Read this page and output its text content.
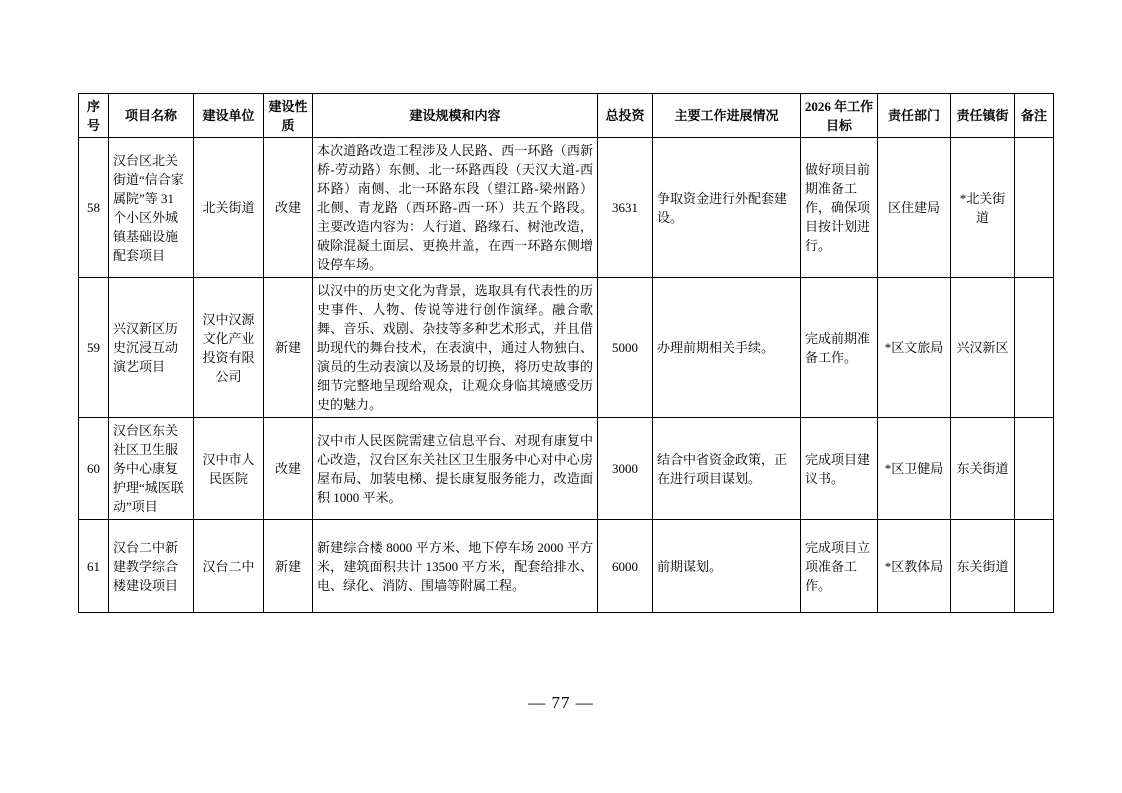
序号	项目名称	建设单位	建设性质	建设规模和内容	总投资	主要工作进展情况	2026 年工作目标	责任部门	责任镇街	备注
58	汉台区北关街道“信合家属院”等 31 个小区外城镇基础设施配套项目	北关街道	改建	本次道路改造工程涉及人民路、西一环路（西新桥-劳动路）东侧、北一环路西段（天汉大道-西环路）南侧、北一环路东段（望江路-梁州路）北侧、青龙路（西环路-西一环）共五个路段。主要改造内容为：人行道、路缘石、树池改造，破除混凝土面层、更换井盖，在西一环路东侧增设停车场。	3631	争取资金进行外配套建设。	做好项目前期准备工作，确保项目按计划进行。	区住建局	*北关街道	
59	兴汉新区历史沉浸互动演艺项目	汉中汉源文化产业投资有限公司	新建	以汉中的历史文化为背景，选取具有代表性的历史事件、人物、传说等进行创作演绎。融合歌舞、音乐、戏剧、杂技等多种艺术形式，并且借助现代的舞台技术，在表演中，通过人物独白、演员的生动表演以及场景的切换，将历史故事的细节完整地呈现给观众，让观众身临其境感受历史的魅力。	5000	办理前期相关手续。	完成前期准备工作。	*区文旅局	兴汉新区	
60	汉台区东关社区卫生服务中心康复护理“城医联动”项目	汉中市人民医院	改建	汉中市人民医院需建立信息平台、对现有康复中心改造，汉台区东关社区卫生服务中心对中心房屋布局、加装电梯、提长康复服务能力，改造面积 1000 平米。	3000	结合中省资金政策，正在进行项目谋划。	完成项目建议书。	*区卫健局	东关街道	
61	汉台二中新建教学综合楼建设项目	汉台二中	新建	新建综合楼 8000 平方米、地下停车场 2000 平方米，建筑面积共计 13500 平方米，配套给排水、电、绿化、消防、围墙等附属工程。	6000	前期谋划。	完成项目立项准备工作。	*区教体局	东关街道	
— 77 —
